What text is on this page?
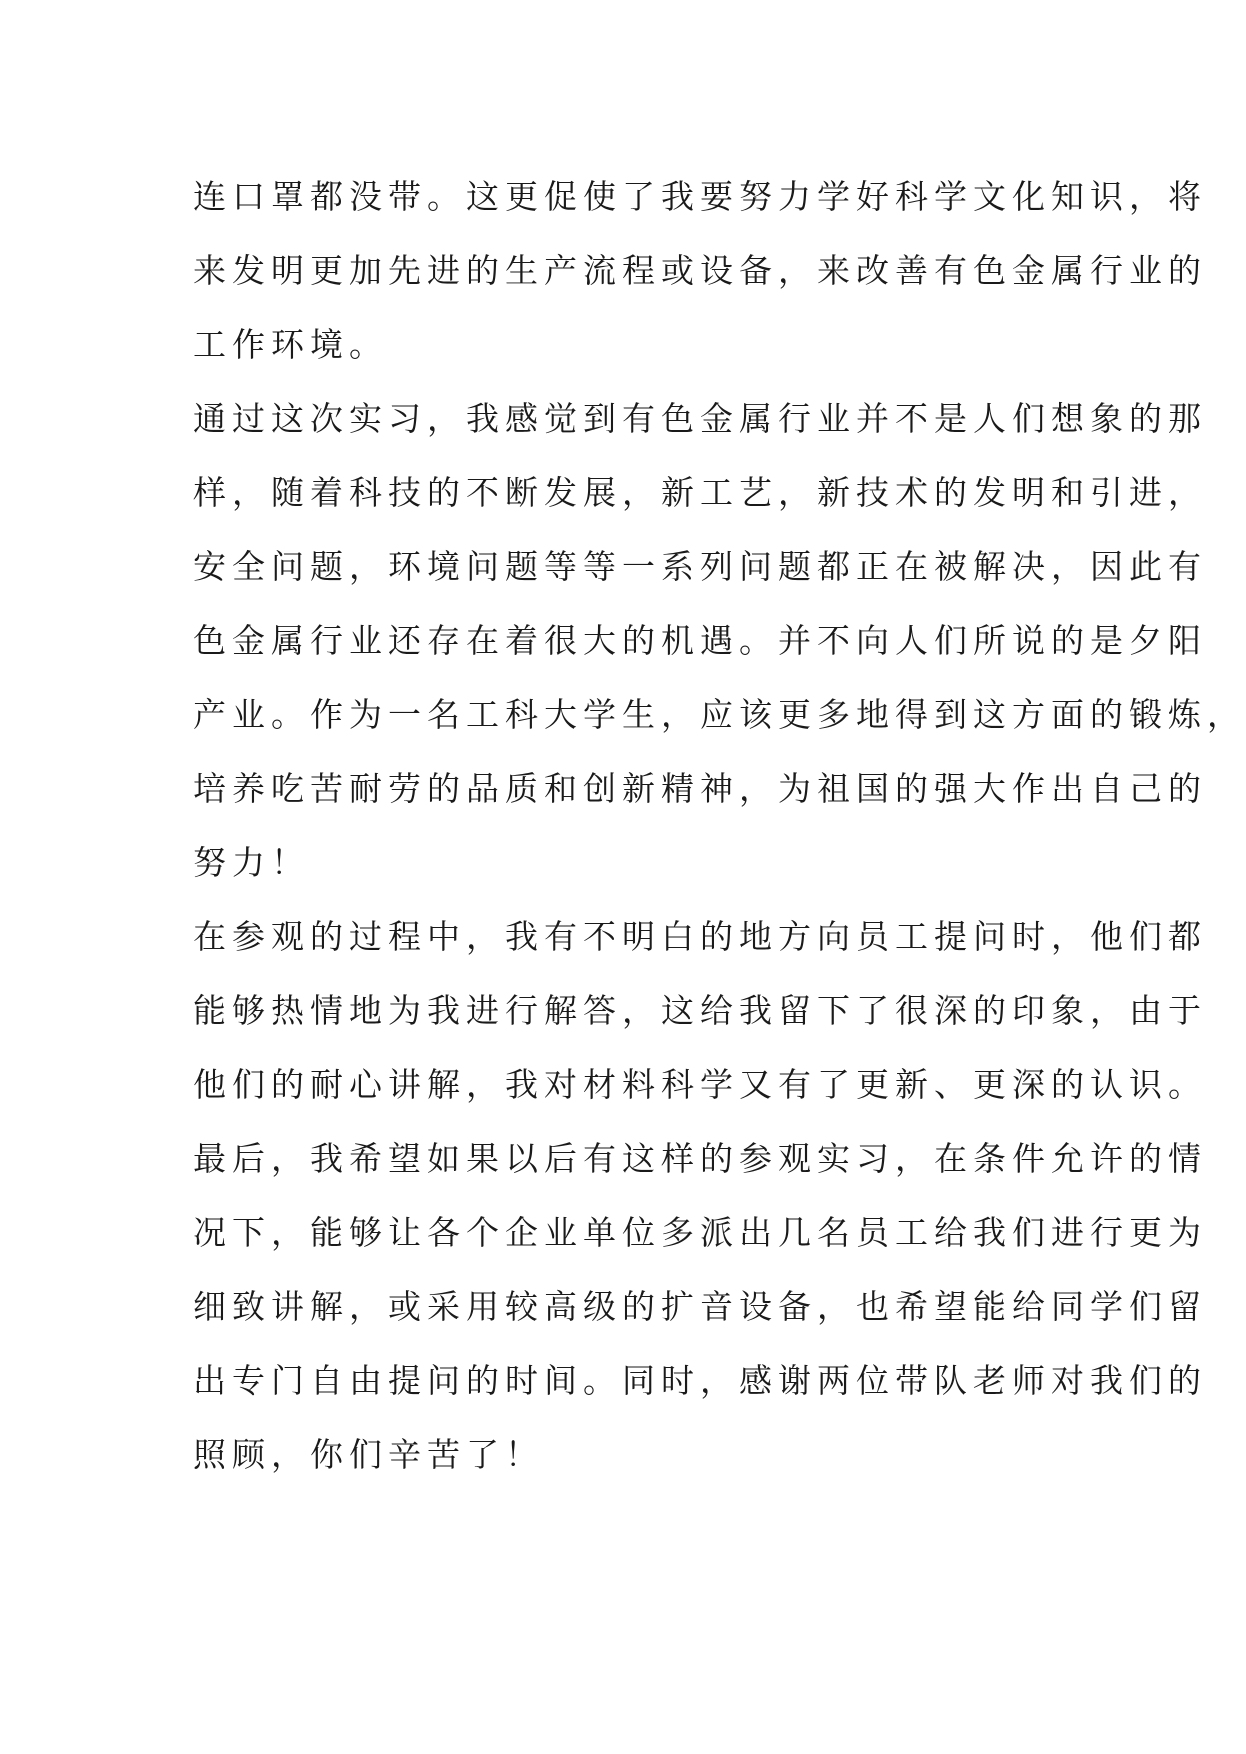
连口罩都没带。这更促使了我要努力学好科学文化知识，将
来发明更加先进的生产流程或设备，来改善有色金属行业的
工作环境。
通过这次实习，我感觉到有色金属行业并不是人们想象的那
样，随着科技的不断发展，新工艺，新技术的发明和引进，
安全问题，环境问题等等一系列问题都正在被解决，因此有
色金属行业还存在着很大的机遇。并不向人们所说的是夕阳
产业。作为一名工科大学生，应该更多地得到这方面的锻炼，
培养吃苦耐劳的品质和创新精神，为祖国的强大作出自己的
努力！
在参观的过程中，我有不明白的地方向员工提问时，他们都
能够热情地为我进行解答，这给我留下了很深的印象，由于
他们的耐心讲解，我对材料科学又有了更新、更深的认识。
最后，我希望如果以后有这样的参观实习，在条件允许的情
况下，能够让各个企业单位多派出几名员工给我们进行更为
细致讲解，或采用较高级的扩音设备，也希望能给同学们留
出专门自由提问的时间。同时，感谢两位带队老师对我们的
照顾，你们辛苦了！
